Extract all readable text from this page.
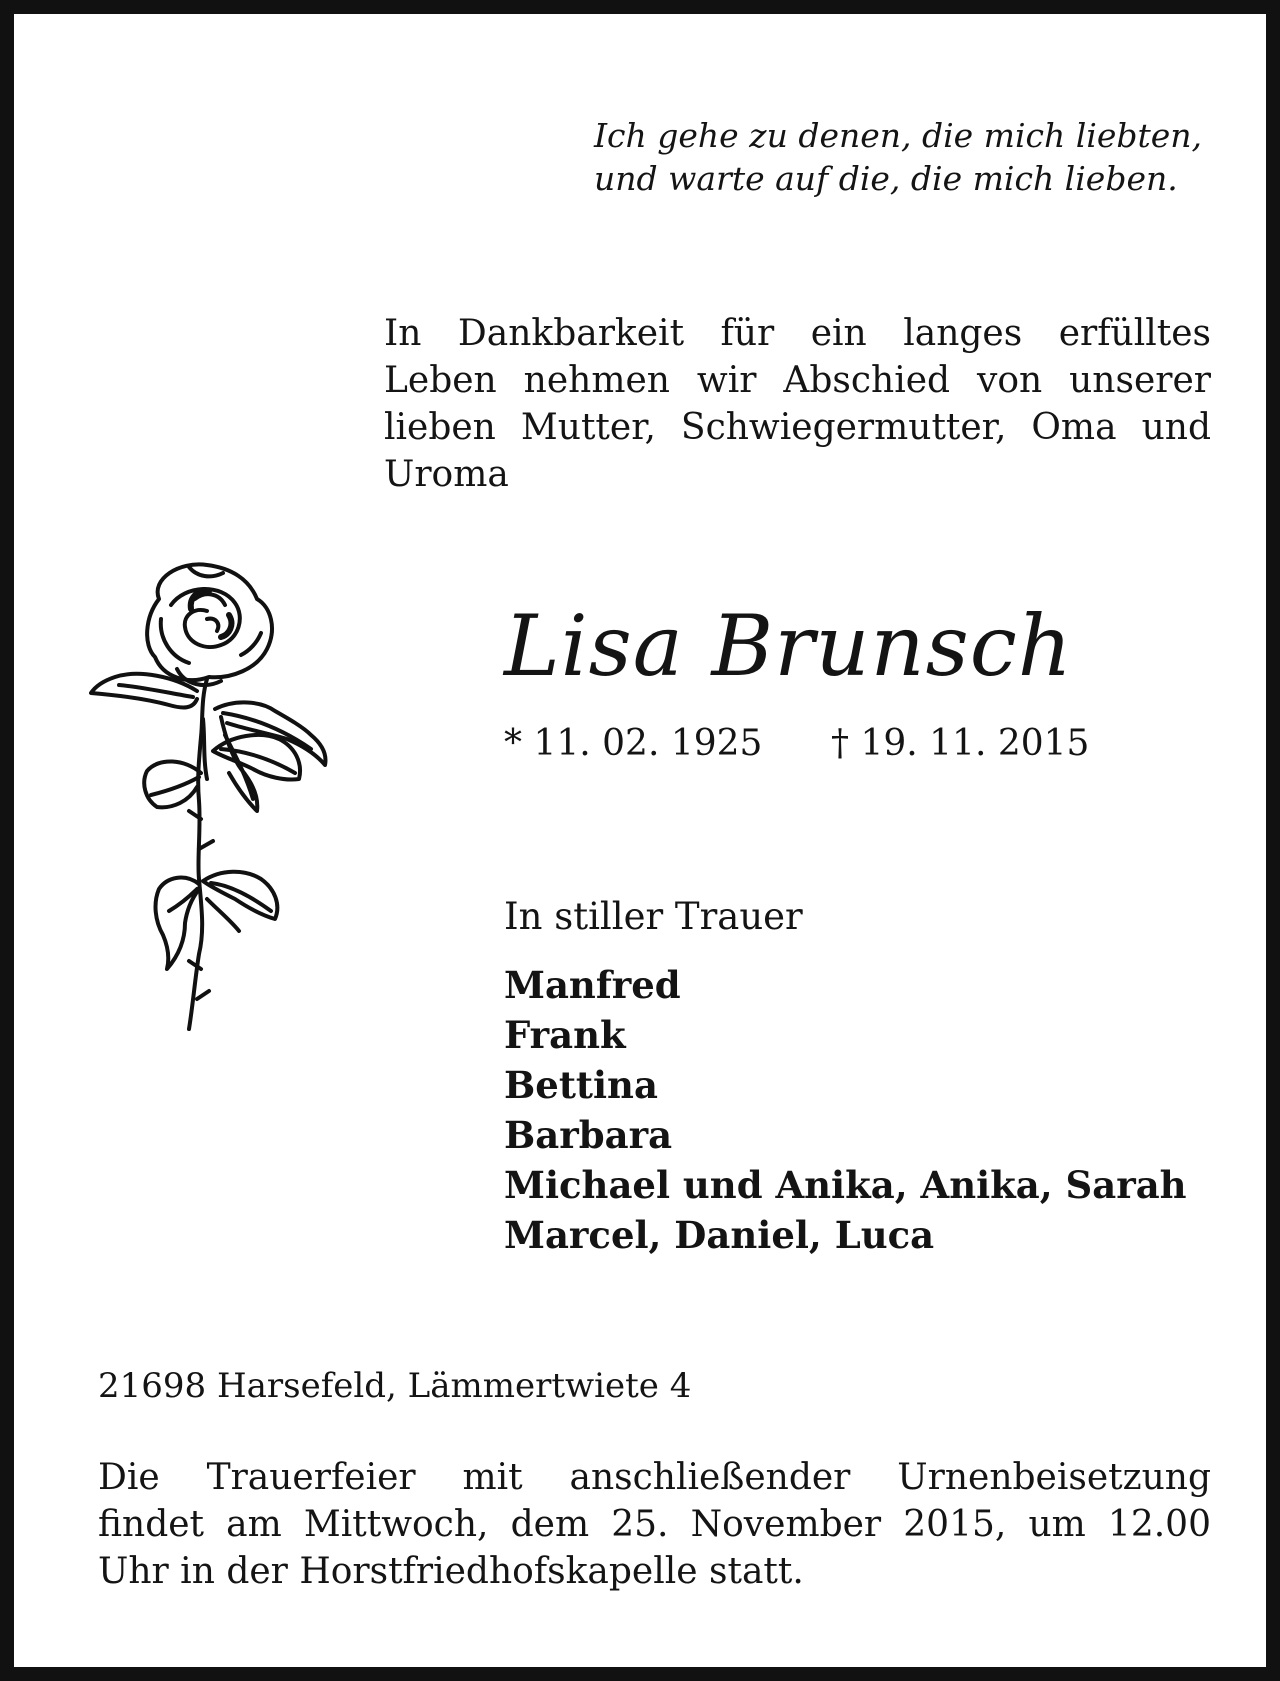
Ich gehe zu denen, die mich liebten,
und warte auf die, die mich lieben.
In Dankbarkeit für ein langes erfülltes
Leben nehmen wir Abschied von unserer
lieben Mutter, Schwiegermutter, Oma und
Uroma
Lisa Brunsch
* 11. 02. 1925 † 19. 11. 2015
In stiller Trauer
Manfred
Frank
Bettina
Barbara
Michael und Anika, Anika, Sarah
Marcel, Daniel, Luca
21698 Harsefeld, Lämmertwiete 4
Die Trauerfeier mit anschließender Urnenbeisetzung
findet am Mittwoch, dem 25. November 2015, um 12.00
Uhr in der Horstfriedhofskapelle statt.
